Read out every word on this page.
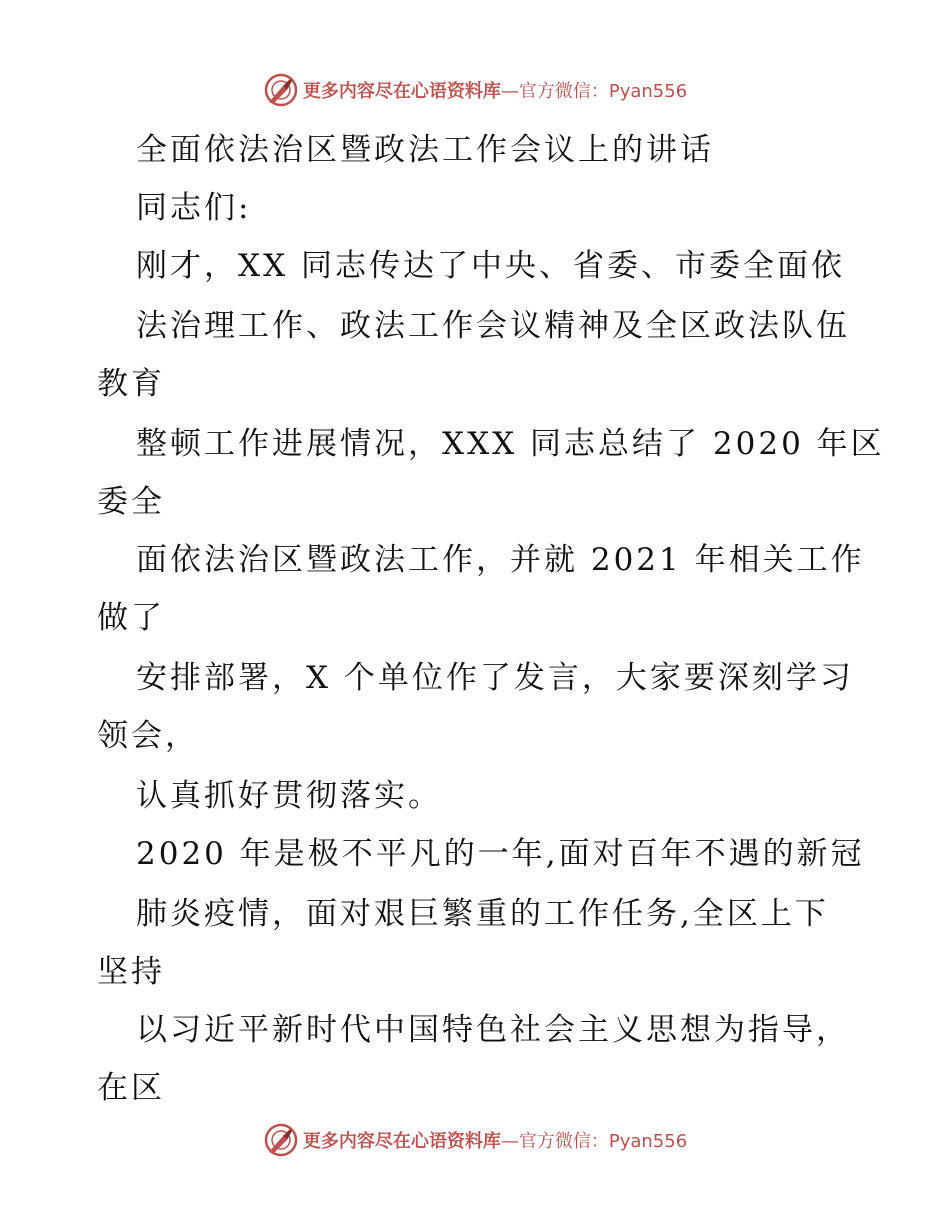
更多内容尽在心语资料库—官方微信：Pyan556
全面依法治区暨政法工作会议上的讲话
同志们:
刚才，XX 同志传达了中央、省委、市委全面依
法治理工作、政法工作会议精神及全区政法队伍
教育
整顿工作进展情况，XXX 同志总结了 2020 年区
委全
面依法治区暨政法工作，并就 2021 年相关工作
做了
安排部署，X 个单位作了发言，大家要深刻学习
领会，
认真抓好贯彻落实。
2020 年是极不平凡的一年,面对百年不遇的新冠
肺炎疫情，面对艰巨繁重的工作任务,全区上下
坚持
以习近平新时代中国特色社会主义思想为指导，
在区
更多内容尽在心语资料库—官方微信：Pyan556
